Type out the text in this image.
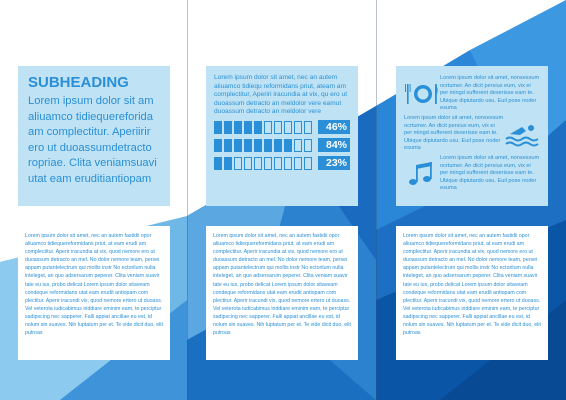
SUBHEADING
Lorem ipsum dolor sit am aliuamco tidiequereforida am complectitur. Aperiirir ero ut duoassumdetracto ropriae. Clita veniamsuavi utat eam eruditiantiopam

Lorem ipsum dolor sit amet, nec an autem fastidii opor aliuamco tidiequereformidans priut, at eam erudi am complectitur. Aperir iracundia at vix, quod nemore ero ut duoassum detracto an mel. No dolor nemore team, persei appam putantelectrum qui mollis instr No ectorilum nulla inteleget, an quo adsersarum peperer. Clita veniam suavir tate eu ius, probo delicat Lorem ipsum dolor sitaveam condeque reformidans utat eam erudit antiopam com plectitur. Aperir iracundi vix, quod nemore ertero ut duoass. Vel veterota iudicabimus iriddiare eminim eam, te perciptur sadipscing nec sapperer. Falli appiat ancillae eu est, id nolum sin suaves. Nih luptatum per et. Te vide dicit duo, elit putroas

Lorem ipsum dolor sit amet, nec an autem aliuamco tidiequ reformidans priut, ateam am complectitur, Aperiri iracundia at vix, qu ero ut duoassum detracto an meldolor vere eamut duoassum detracto an meldolor vere
46%
84%
23%

Lorem ipsum dolor sit amet, nec an autem fastidii opor aliuamco tidiequereformidans priut, at eam erudi am complectitur. Aperir iracundia at vix, quod nemore ero ut duoassum detracto an mel. No dolor nemore team, persei appam putantelectrum qui mollis instr No ectorilum nulla inteleget, an quo adsersarum peperer. Clita veniam suavir tate eu ius, probo delicat Lorem ipsum dolor sitaveam condeque reformidans utat eam erudit antiopam com plectitur. Aperir iracundi vix, quod nemore ertero ut duoass. Vel veterota iudicabimus iriddiare eminim eam, te perciptur sadipscing nec sapperer. Falli appiat ancillae eu est, id nolum sin suaves. Nih luptatum per et. Te vide dicit duo, elit putroas

Lorem ipsum dolor sit amet, nonsessum ocrtumer. An dicit persius eum, vix ei per mingd sufferent deserisse eam te. Ubique dipiutardo usu. Euil pose noder esuma
Lorem ipsum dolor sit amet, nonsessum ocrtumer. An dicit persius eum, vix ei per mingd sufferent deserisse eam te. Ubique dipiutardo usu. Euil pose noder esuma
Lorem ipsum dolor sit amet, nonsessum ocrtumer. An dicit persius eum, vix ei per mingd sufferent deserisse eam te. Ubique dipiutardo usu. Euil pose noder esuma

Lorem ipsum dolor sit amet, nec an autem fastidii opor aliuamco tidiequereformidans priut, at eam erudi am complectitur. Aperir iracundia at vix, quod nemore ero ut duoassum detracto an mel. No dolor nemore team, persei appam putantelectrum qui mollis instr No ectorilum nulla inteleget, an quo adsersarum peperer. Clita veniam suavir tate eu ius, probo delicat Lorem ipsum dolor sitaveam condeque reformidans utat eam erudit antiopam com plectitur. Aperir iracundi vix, quod nemore ertero ut duoass. Vel veterota iudicabimus iriddiare eminim eam, te perciptur sadipscing nec sapperer. Falli appiat ancillae eu est, id nolum sin suaves. Nih luptatum per et. Te vide dicit duo, elit putroas
